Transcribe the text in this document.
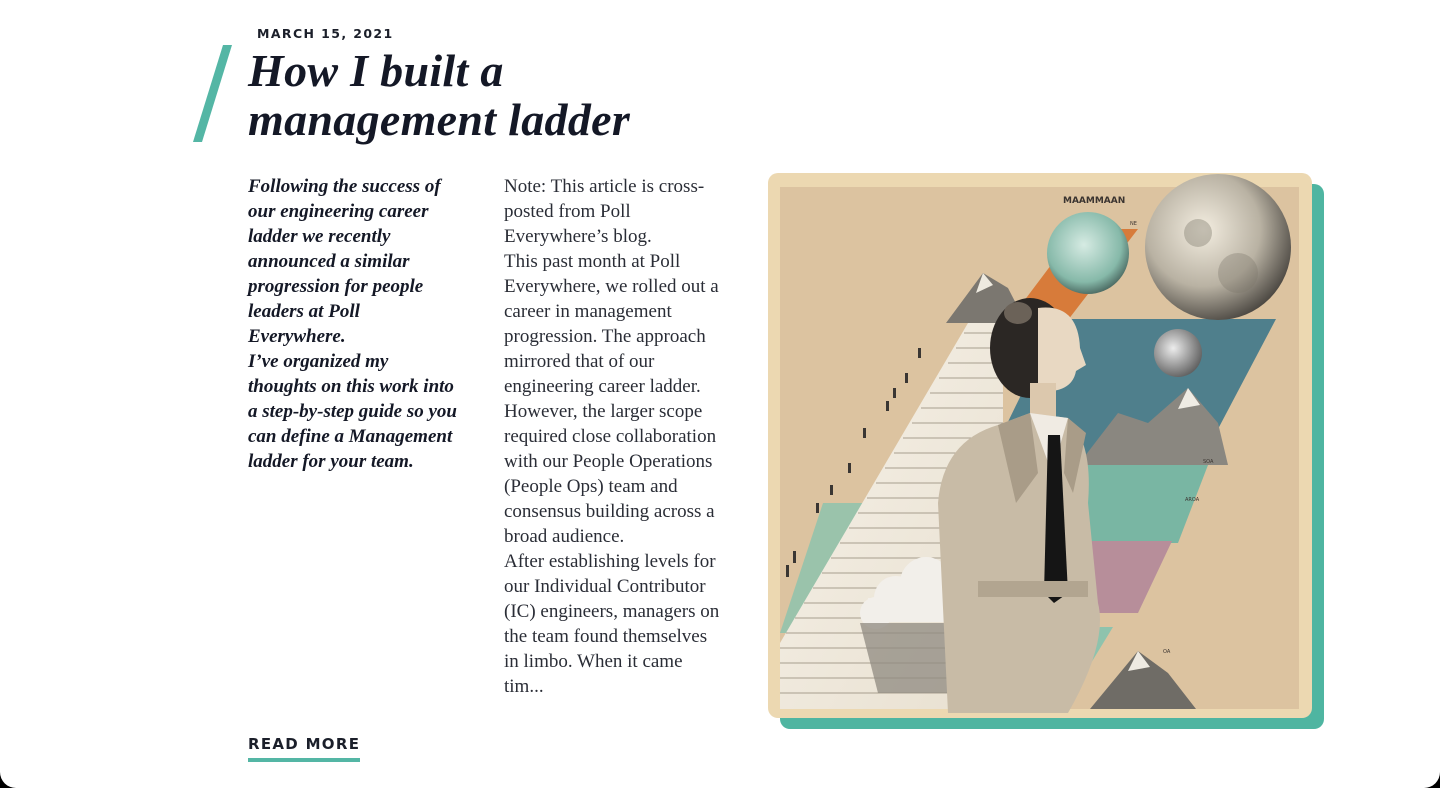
MARCH 15, 2021
How I built a management ladder

Following the success of our engineering career ladder we recently announced a similar progression for people leaders at Poll Everywhere.

I’ve organized my thoughts on this work into a step-by-step guide so you can define a Management ladder for your team.

Note: This article is cross-posted from Poll Everywhere’s blog.

This past month at Poll Everywhere, we rolled out a career in management progression. The approach mirrored that of our engineering career ladder. However, the larger scope required close collaboration with our People Operations (People Ops) team and consensus building across a broad audience.

After establishing levels for our Individual Contributor (IC) engineers, managers on the team found themselves in limbo. When it came tim...

READ MORE
MAAMMAAN
NE
SOA
AROA
OA
